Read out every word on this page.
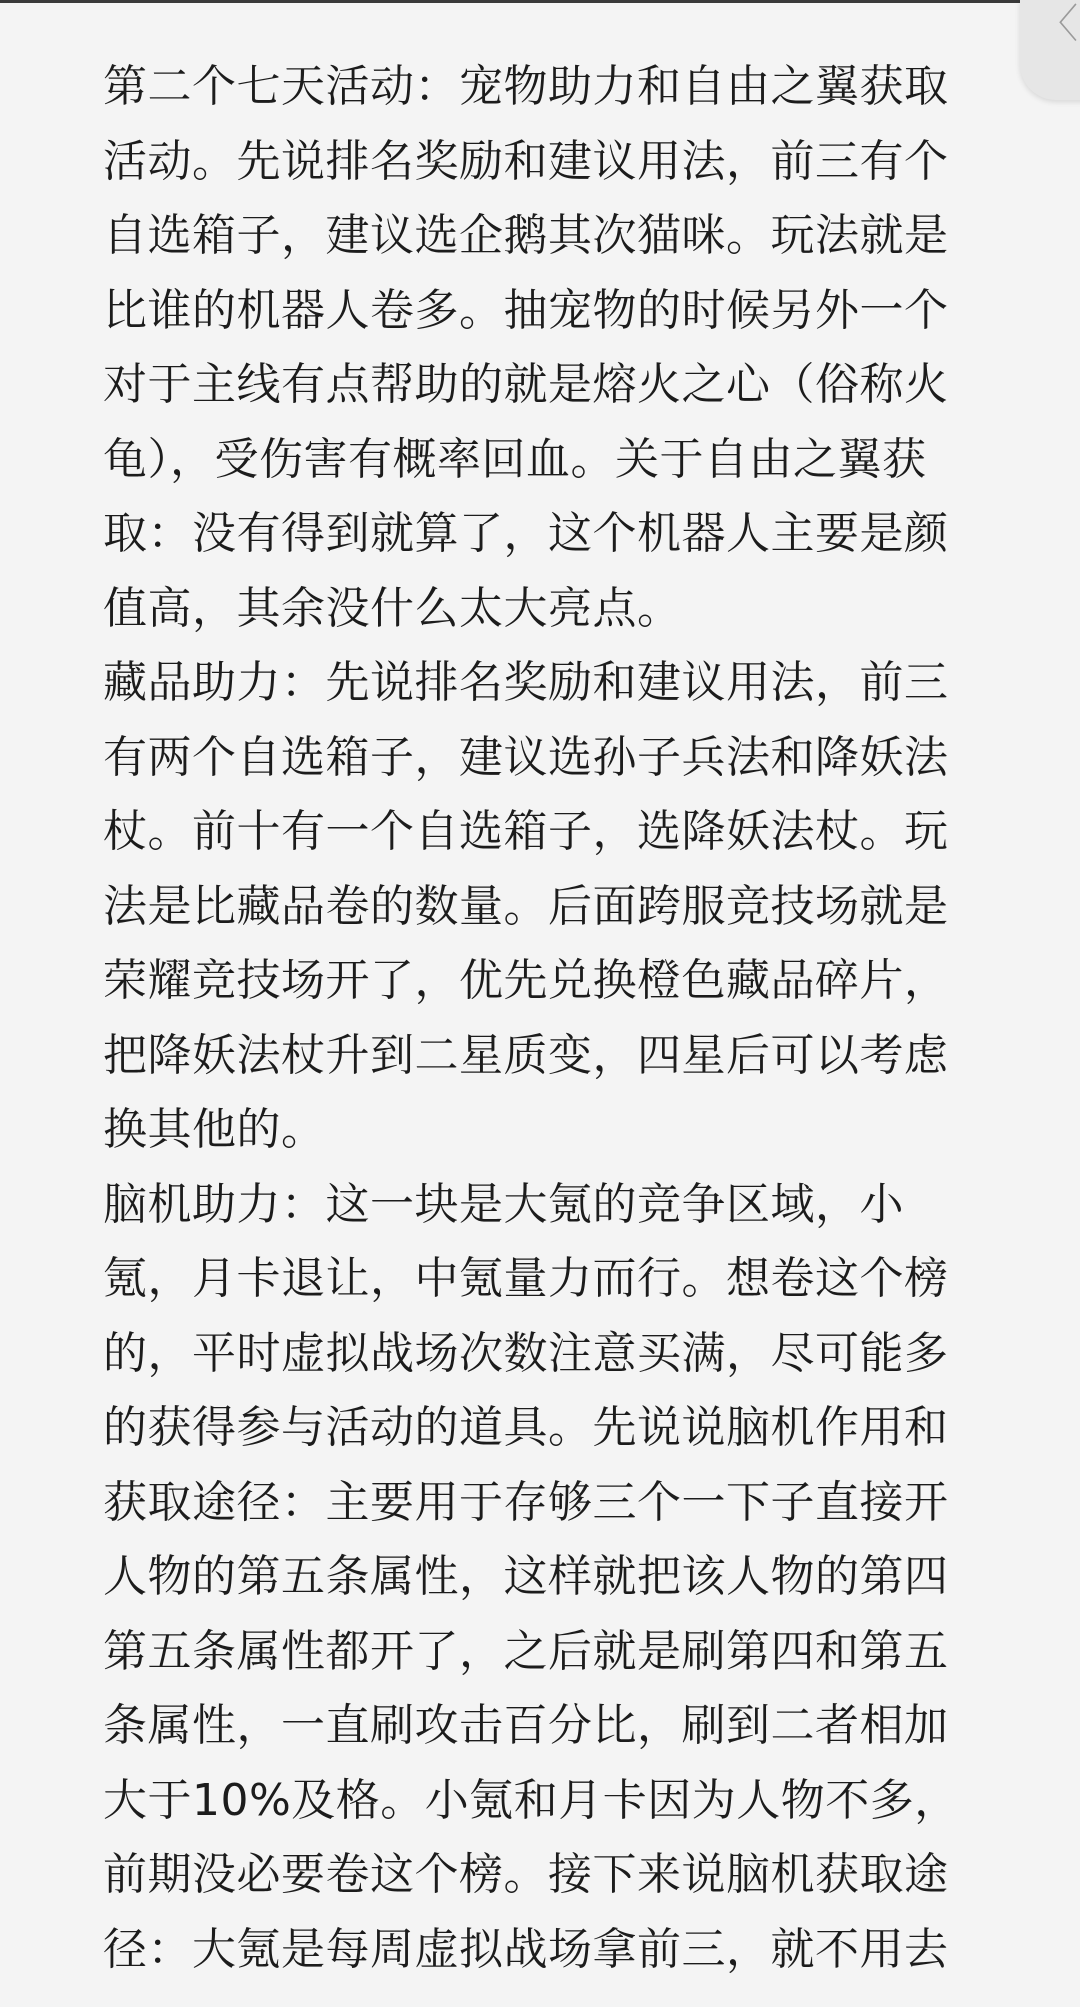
第二个七天活动：宠物助力和自由之翼获取
活动。先说排名奖励和建议用法，前三有个
自选箱子，建议选企鹅其次猫咪。玩法就是
比谁的机器人卷多。抽宠物的时候另外一个
对于主线有点帮助的就是熔火之心（俗称火
龟），受伤害有概率回血。关于自由之翼获
取：没有得到就算了，这个机器人主要是颜
值高，其余没什么太大亮点。
藏品助力：先说排名奖励和建议用法，前三
有两个自选箱子，建议选孙子兵法和降妖法
杖。前十有一个自选箱子，选降妖法杖。玩
法是比藏品卷的数量。后面跨服竞技场就是
荣耀竞技场开了，优先兑换橙色藏品碎片，
把降妖法杖升到二星质变，四星后可以考虑
换其他的。
脑机助力：这一块是大氪的竞争区域，小
氪，月卡退让，中氪量力而行。想卷这个榜
的，平时虚拟战场次数注意买满，尽可能多
的获得参与活动的道具。先说说脑机作用和
获取途径：主要用于存够三个一下子直接开
人物的第五条属性，这样就把该人物的第四
第五条属性都开了，之后就是刷第四和第五
条属性，一直刷攻击百分比，刷到二者相加
大于10%及格。小氪和月卡因为人物不多，
前期没必要卷这个榜。接下来说脑机获取途
径：大氪是每周虚拟战场拿前三，就不用去
〈
